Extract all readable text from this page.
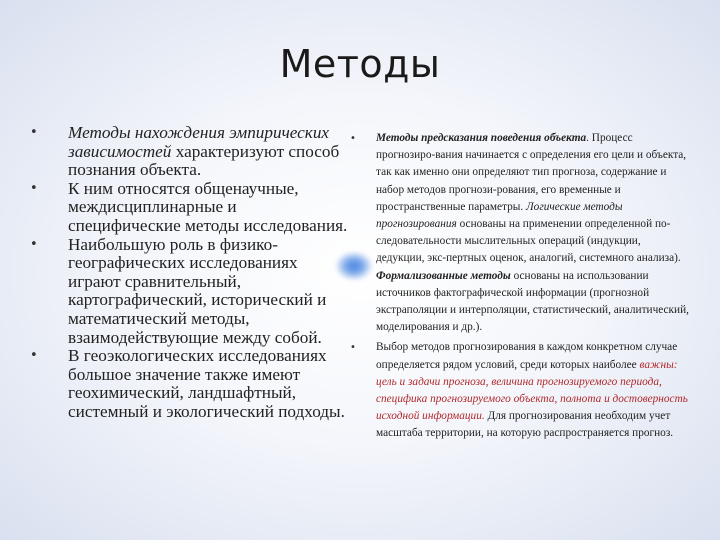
Методы
• Методы нахождения эмпирических зависимостей характеризуют способ познания объекта.
• К ним относятся общенаучные, междисциплинарные и специфические методы исследования.
• Наибольшую роль в физико-географических исследованиях играют сравнительный, картографический, исторический и математический методы, взаимодействующие между собой.
• В геоэкологических исследованиях большое значение также имеют геохимический, ландшафтный, системный и экологический подходы.
• Методы предсказания поведения объекта. Процесс прогнозиро-вания начинается с определения его цели и объекта, так как именно они определяют тип прогноза, содержание и набор методов прогнози-рования, его временные и пространственные параметры. Логические методы прогнозирования основаны на применении определенной по-следовательности мыслительных операций (индукции, дедукции, экс-пертных оценок, аналогий, системного анализа). Формализованные методы основаны на использовании источников фактографической информации (прогнозной экстраполяции и интерполяции, статистический, аналитический, моделирования и др.).
• Выбор методов прогнозирования в каждом конкретном случае определяется рядом условий, среди которых наиболее важны: цель и задачи прогноза, величина прогнозируемого периода, специфика прогнозируемого объекта, полнота и достоверность исходной информации. Для прогнозирования необходим учет масштаба территории, на которую распространяется прогноз.
